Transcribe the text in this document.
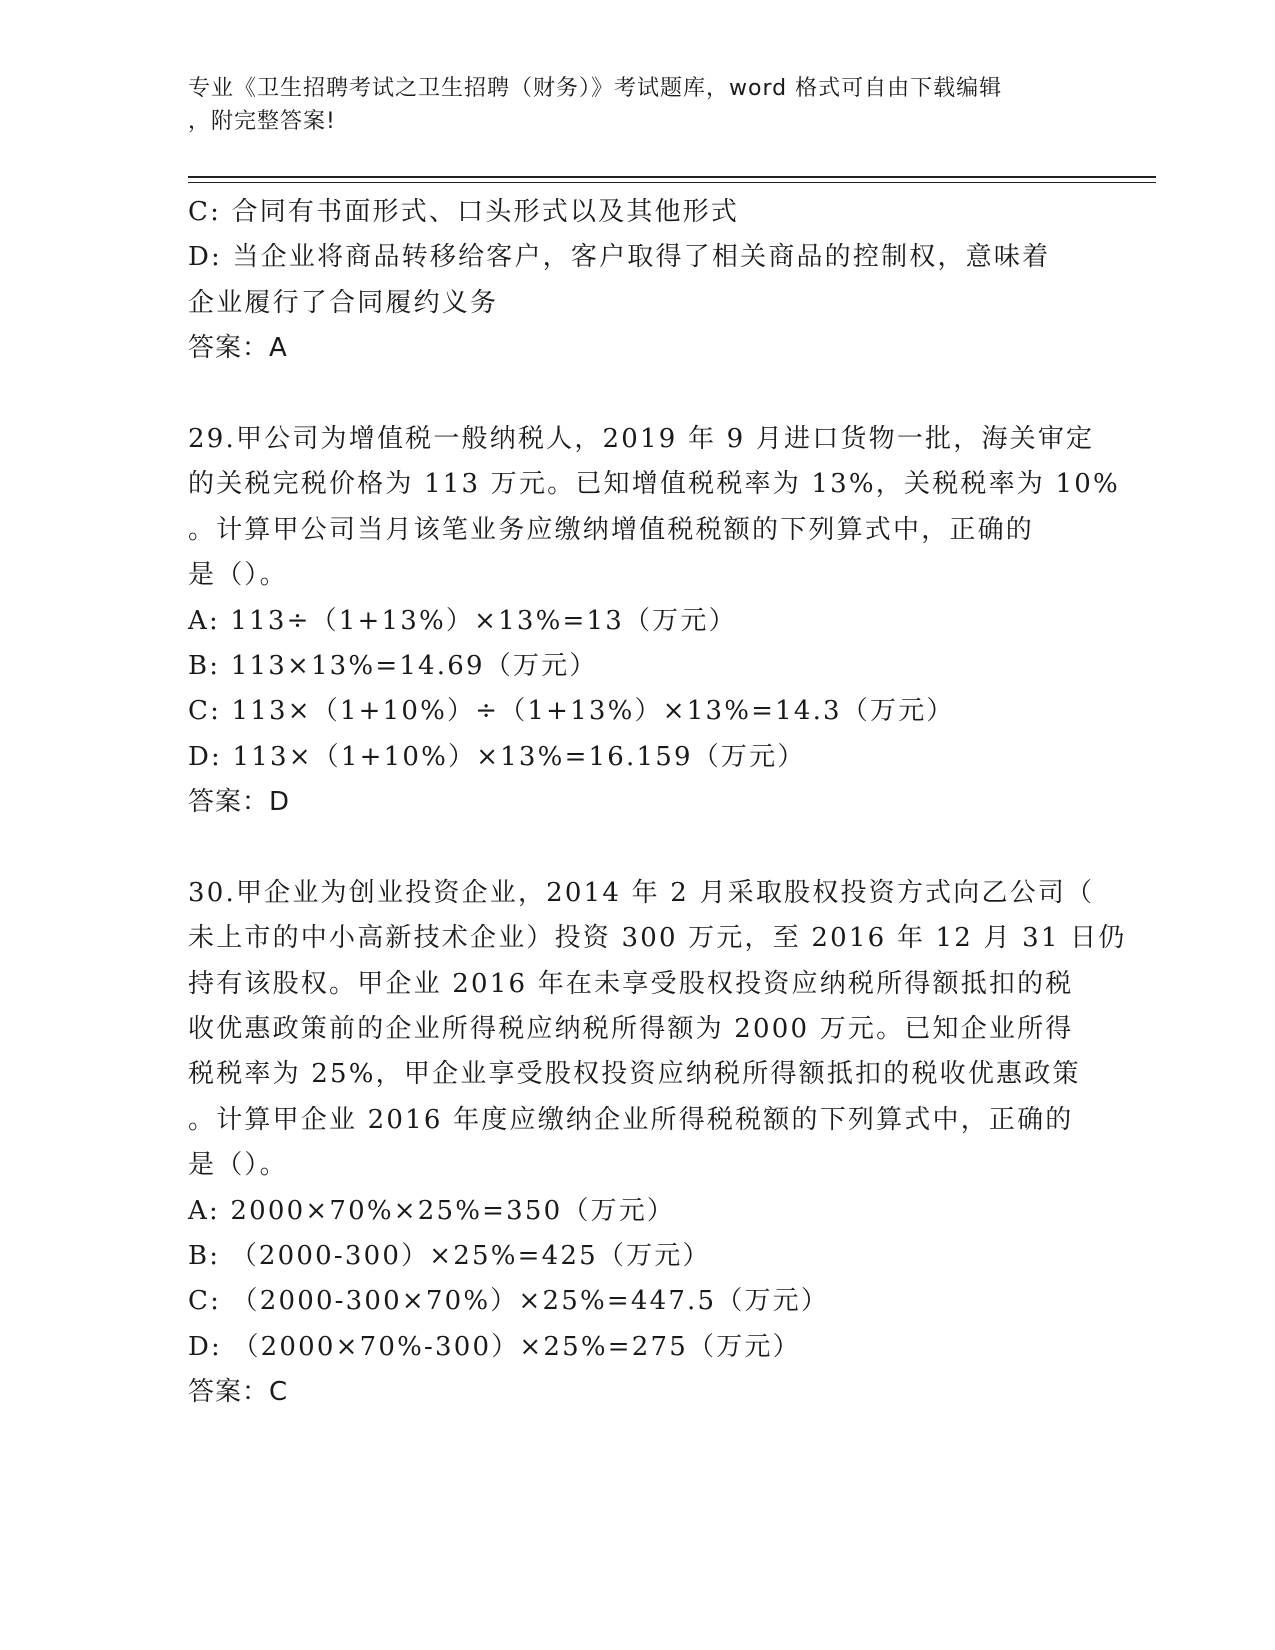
专业《卫生招聘考试之卫生招聘（财务）》考试题库，word 格式可自由下载编辑
，附完整答案!
C: 合同有书面形式、口头形式以及其他形式
D: 当企业将商品转移给客户，客户取得了相关商品的控制权，意味着
企业履行了合同履约义务
答案：A
29.甲公司为增值税一般纳税人，2019 年 9 月进口货物一批，海关审定
的关税完税价格为 113 万元。已知增值税税率为 13%，关税税率为 10%
。计算甲公司当月该笔业务应缴纳增值税税额的下列算式中，正确的
是（）。
A: 113÷（1+13%）×13%=13（万元）
B: 113×13%=14.69（万元）
C: 113×（1+10%）÷（1+13%）×13%=14.3（万元）
D: 113×（1+10%）×13%=16.159（万元）
答案：D
30.甲企业为创业投资企业，2014 年 2 月采取股权投资方式向乙公司（
未上市的中小高新技术企业）投资 300 万元，至 2016 年 12 月 31 日仍
持有该股权。甲企业 2016 年在未享受股权投资应纳税所得额抵扣的税
收优惠政策前的企业所得税应纳税所得额为 2000 万元。已知企业所得
税税率为 25%，甲企业享受股权投资应纳税所得额抵扣的税收优惠政策
。计算甲企业 2016 年度应缴纳企业所得税税额的下列算式中，正确的
是（）。
A: 2000×70%×25%=350（万元）
B: （2000-300）×25%=425（万元）
C: （2000-300×70%）×25%=447.5（万元）
D: （2000×70%-300）×25%=275（万元）
答案：C
